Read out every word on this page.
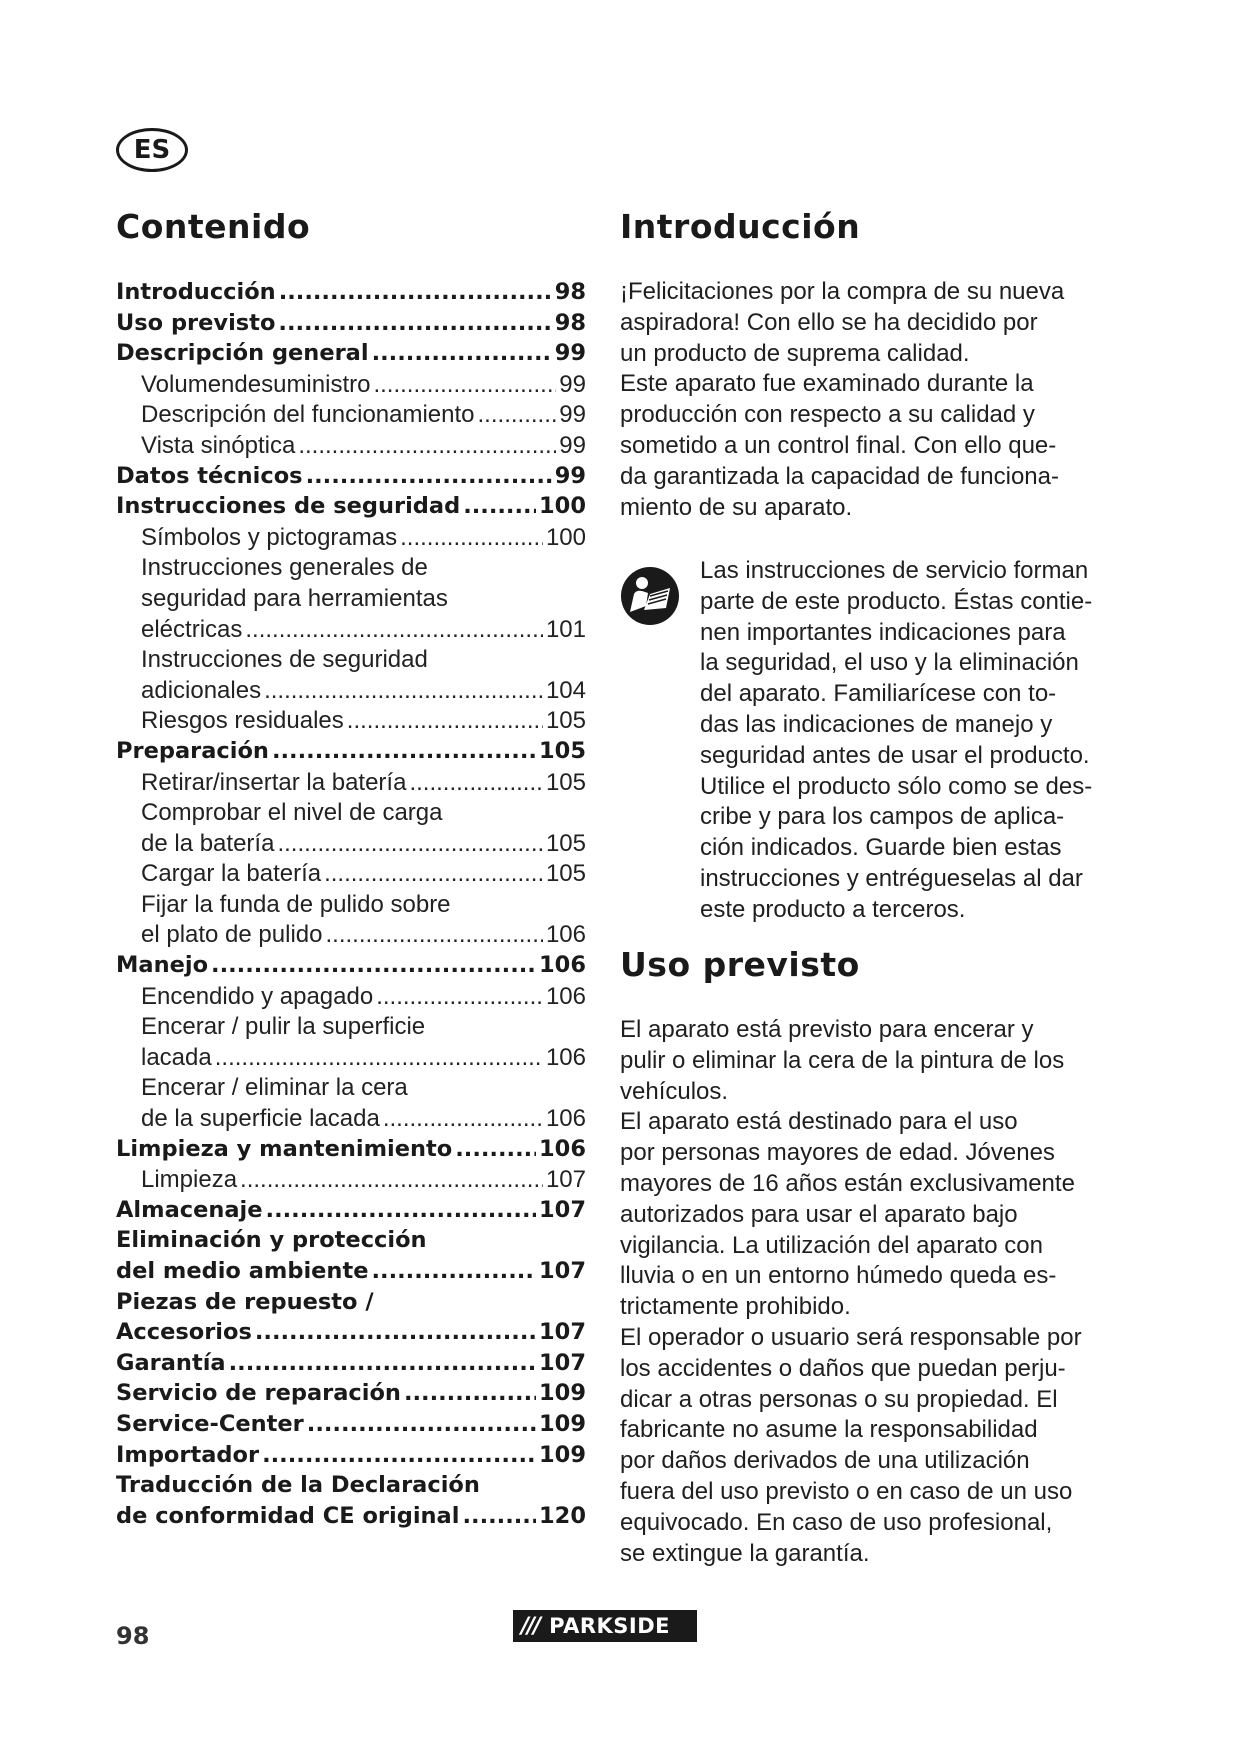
ES
Contenido
Introducción .....	98
Uso previsto .....	98
Descripción general .....	99
Volumendesuministro .....	99
Descripción del funcionamiento .....	99
Vista sinóptica .....	99
Datos técnicos .....	99
Instrucciones de seguridad .....	100
Símbolos y pictogramas .....	100
Instrucciones generales de
seguridad para herramientas
eléctricas .....	101
Instrucciones de seguridad
adicionales .....	104
Riesgos residuales .....	105
Preparación .....	105
Retirar/insertar la batería .....	105
Comprobar el nivel de carga
de la batería .....	105
Cargar la batería .....	105
Fijar la funda de pulido sobre
el plato de pulido .....	106
Manejo .....	106
Encendido y apagado .....	106
Encerar / pulir la superficie
lacada .....	106
Encerar / eliminar la cera
de la superficie lacada .....	106
Limpieza y mantenimiento .....	106
Limpieza .....	107
Almacenaje .....	107
Eliminación y protección
del medio ambiente .....	107
Piezas de repuesto /
Accesorios .....	107
Garantía .....	107
Servicio de reparación .....	109
Service-Center .....	109
Importador .....	109
Traducción de la Declaración
de conformidad CE original .....	120
Introducción
¡Felicitaciones por la compra de su nueva
aspiradora! Con ello se ha decidido por
un producto de suprema calidad.
Este aparato fue examinado durante la
producción con respecto a su calidad y
sometido a un control final. Con ello que-
da garantizada la capacidad de funciona-
miento de su aparato.
Las instrucciones de servicio forman
parte de este producto. Éstas contie-
nen importantes indicaciones para
la seguridad, el uso y la eliminación
del aparato. Familiarícese con to-
das las indicaciones de manejo y
seguridad antes de usar el producto.
Utilice el producto sólo como se des-
cribe y para los campos de aplica-
ción indicados. Guarde bien estas
instrucciones y entrégueselas al dar
este producto a terceros.
Uso previsto
El aparato está previsto para encerar y
pulir o eliminar la cera de la pintura de los
vehículos.
El aparato está destinado para el uso
por personas mayores de edad. Jóvenes
mayores de 16 años están exclusivamente
autorizados para usar el aparato bajo
vigilancia. La utilización del aparato con
lluvia o en un entorno húmedo queda es-
trictamente prohibido.
El operador o usuario será responsable por
los accidentes o daños que puedan perju-
dicar a otras personas o su propiedad. El
fabricante no asume la responsabilidad
por daños derivados de una utilización
fuera del uso previsto o en caso de un uso
equivocado. En caso de uso profesional,
se extingue la garantía.
98	/// PARKSIDE
